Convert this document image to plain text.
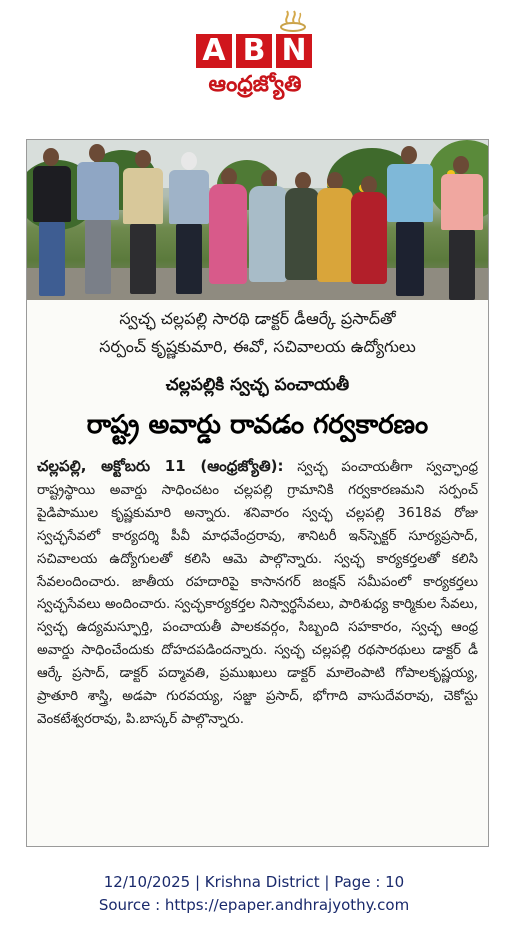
A B N
ఆంధ్రజ్యోతి
స్వచ్ఛ చల్లపల్లి సారథి డాక్టర్ డీఆర్కే ప్రసాద్‌తో
సర్పంచ్ కృష్ణకుమారి, ఈవో, సచివాలయ ఉద్యోగులు
చల్లపల్లికి స్వచ్ఛ పంచాయతీ
రాష్ట్ర అవార్డు రావడం గర్వకారణం

చల్లపల్లి, అక్టోబరు 11 (ఆంధ్రజ్యోతి): స్వచ్ఛ పంచాయతీగా స్వచ్ఛాంధ్ర రాష్ట్రస్థాయి అవార్డు సాధించటం చల్లపల్లి గ్రామానికి గర్వకారణమని సర్పంచ్ పైడిపాముల కృష్ణకుమారి అన్నారు. శనివారం స్వచ్ఛ చల్లపల్లి 3618వ రోజు స్వచ్ఛసేవలో కార్యదర్శి పీవీ మాధవేంద్రరావు, శానిటరీ ఇన్‌స్పెక్టర్ సూర్యప్రసాద్, సచివాలయ ఉద్యోగులతో కలిసి ఆమె పాల్గొన్నారు. స్వచ్ఛ కార్యకర్తలతో కలిసి సేవలందించారు. జాతీయ రహదారిపై కాసానగర్ జంక్షన్ సమీపంలో కార్యకర్తలు స్వచ్ఛసేవలు అందించారు. స్వచ్ఛకార్యకర్తల నిస్వార్థసేవలు, పారిశుధ్య కార్మికుల సేవలు, స్వచ్ఛ ఉద్యమస్ఫూర్తి, పంచాయతీ పాలకవర్గం, సిబ్బంది సహకారం, స్వచ్ఛ ఆంధ్ర అవార్డు సాధించేందుకు దోహదపడిందన్నారు. స్వచ్ఛ చల్లపల్లి రథసారథులు డాక్టర్ డీ ఆర్కే ప్రసాద్, డాక్టర్ పద్మావతి, ప్రముఖులు డాక్టర్ మాలెంపాటి గోపాలకృష్ణయ్య, ప్రాతూరి శాస్త్రి, అడపా గురవయ్య, సజ్జా ప్రసాద్, భోగాది వాసుదేవరావు, చెకోస్టు వెంకటేశ్వరరావు, పి.బాస్కర్ పాల్గొన్నారు.

12/10/2025 | Krishna District | Page : 10
Source : https://epaper.andhrajyothy.com
